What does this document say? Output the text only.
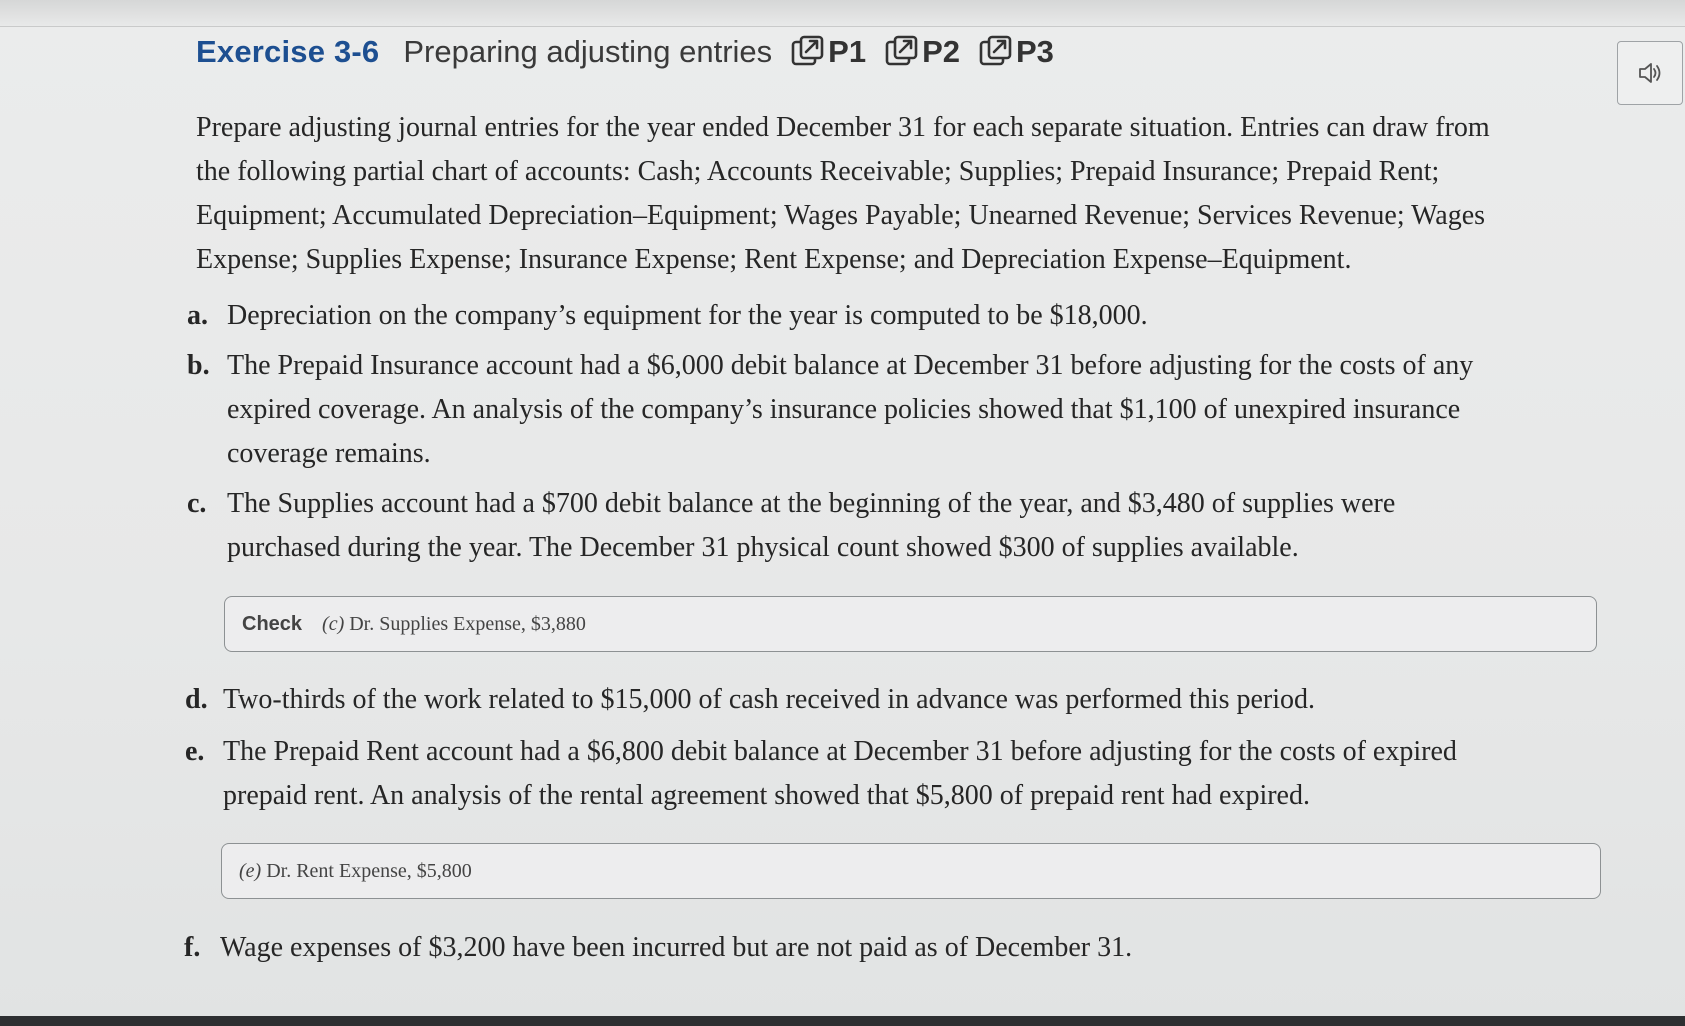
Exercise 3-6 Preparing adjusting entries P1 P2 P3
Prepare adjusting journal entries for the year ended December 31 for each separate situation. Entries can draw from
the following partial chart of accounts: Cash; Accounts Receivable; Supplies; Prepaid Insurance; Prepaid Rent;
Equipment; Accumulated Depreciation–Equipment; Wages Payable; Unearned Revenue; Services Revenue; Wages
Expense; Supplies Expense; Insurance Expense; Rent Expense; and Depreciation Expense–Equipment.
a. Depreciation on the company’s equipment for the year is computed to be $18,000.
b. The Prepaid Insurance account had a $6,000 debit balance at December 31 before adjusting for the costs of any
expired coverage. An analysis of the company’s insurance policies showed that $1,100 of unexpired insurance
coverage remains.
c. The Supplies account had a $700 debit balance at the beginning of the year, and $3,480 of supplies were
purchased during the year. The December 31 physical count showed $300 of supplies available.
Check (c) Dr. Supplies Expense, $3,880
d. Two-thirds of the work related to $15,000 of cash received in advance was performed this period.
e. The Prepaid Rent account had a $6,800 debit balance at December 31 before adjusting for the costs of expired
prepaid rent. An analysis of the rental agreement showed that $5,800 of prepaid rent had expired.
(e) Dr. Rent Expense, $5,800
f. Wage expenses of $3,200 have been incurred but are not paid as of December 31.
